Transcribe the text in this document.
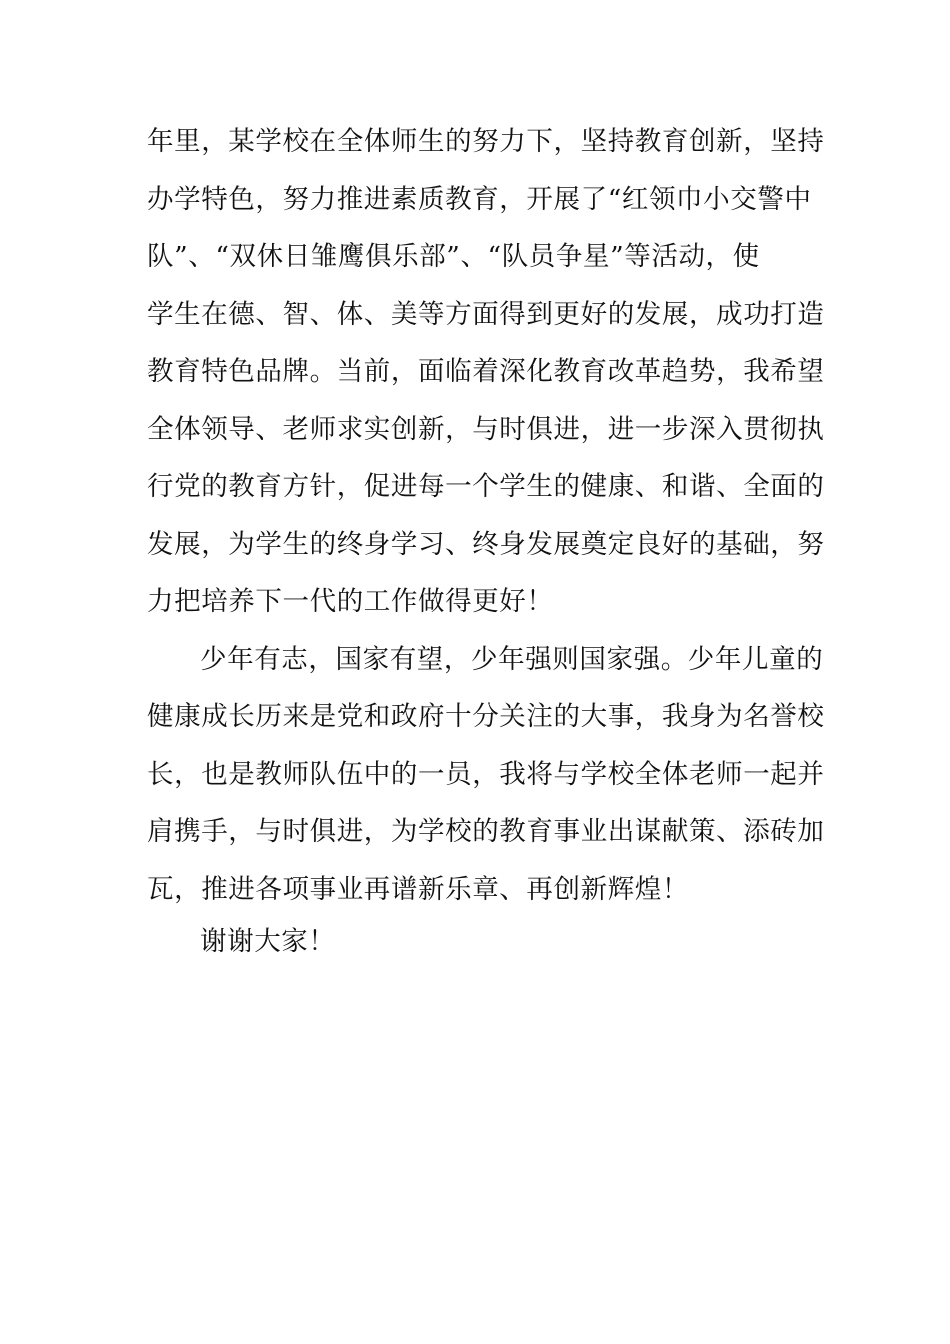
年里，某学校在全体师生的努力下，坚持教育创新，坚持
办学特色，努力推进素质教育，开展了“红领巾小交警中
队”、“双休日雏鹰俱乐部”、“队员争星”等活动，使
学生在德、智、体、美等方面得到更好的发展，成功打造
教育特色品牌。当前，面临着深化教育改革趋势，我希望
全体领导、老师求实创新，与时俱进，进一步深入贯彻执
行党的教育方针，促进每一个学生的健康、和谐、全面的
发展，为学生的终身学习、终身发展奠定良好的基础，努
力把培养下一代的工作做得更好！
少年有志，国家有望，少年强则国家强。少年儿童的
健康成长历来是党和政府十分关注的大事，我身为名誉校
长，也是教师队伍中的一员，我将与学校全体老师一起并
肩携手，与时俱进，为学校的教育事业出谋献策、添砖加
瓦，推进各项事业再谱新乐章、再创新辉煌！
谢谢大家！
